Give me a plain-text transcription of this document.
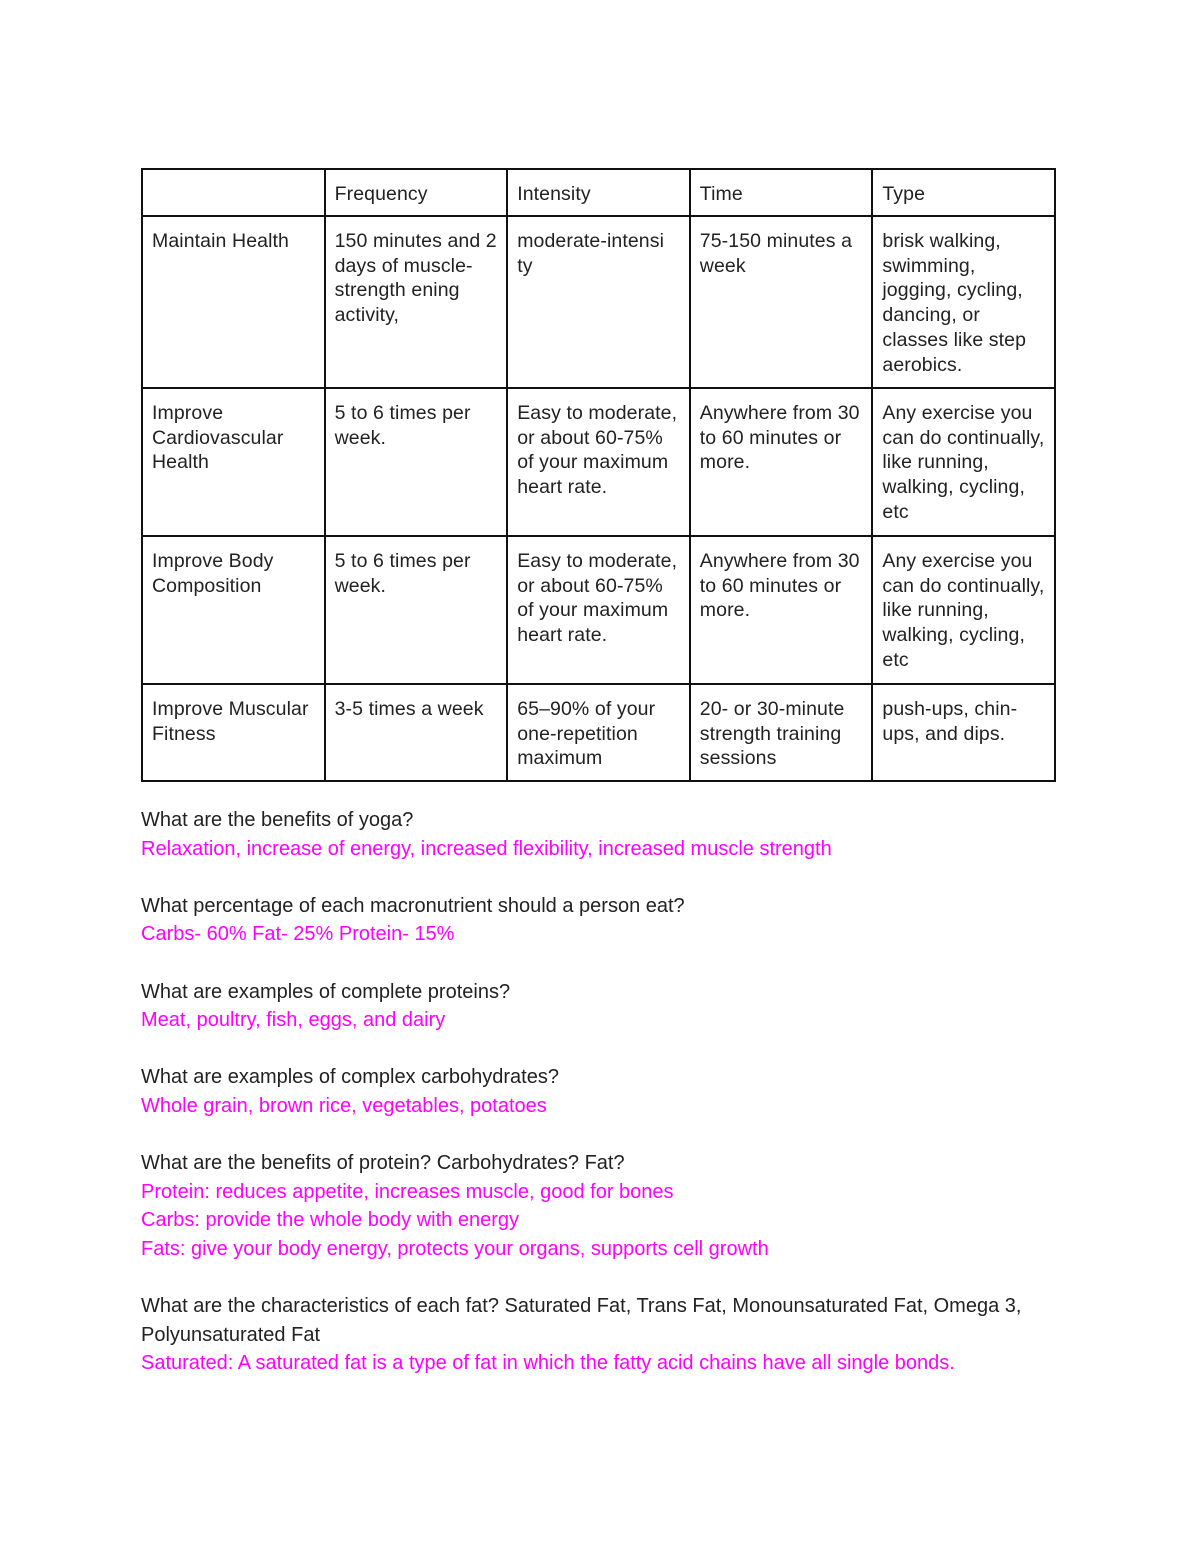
	Frequency	Intensity	Time	Type
Maintain Health	150 minutes and 2 days of muscle-strength ening activity,	moderate-intensi ty	75-150 minutes a week	brisk walking, swimming, jogging, cycling, dancing, or classes like step aerobics.
Improve Cardiovascular Health	5 to 6 times per week.	Easy to moderate, or about 60-75% of your maximum heart rate.	Anywhere from 30 to 60 minutes or more.	Any exercise you can do continually, like running, walking, cycling, etc
Improve Body Composition	5 to 6 times per week.	Easy to moderate, or about 60-75% of your maximum heart rate.	Anywhere from 30 to 60 minutes or more.	Any exercise you can do continually, like running, walking, cycling, etc
Improve Muscular Fitness	3-5 times a week	65–90% of your one-repetition maximum	20- or 30-minute strength training sessions	push-ups, chin-ups, and dips.
What are the benefits of yoga?
Relaxation, increase of energy, increased flexibility, increased muscle strength
What percentage of each macronutrient should a person eat?
Carbs- 60% Fat- 25% Protein- 15%
What are examples of complete proteins?
Meat, poultry, fish, eggs, and dairy
What are examples of complex carbohydrates?
Whole grain, brown rice, vegetables, potatoes
What are the benefits of protein? Carbohydrates? Fat?
Protein: reduces appetite, increases muscle, good for bones
Carbs: provide the whole body with energy
Fats: give your body energy, protects your organs, supports cell growth
What are the characteristics of each fat? Saturated Fat, Trans Fat, Monounsaturated Fat, Omega 3, Polyunsaturated Fat
Saturated: A saturated fat is a type of fat in which the fatty acid chains have all single bonds.
